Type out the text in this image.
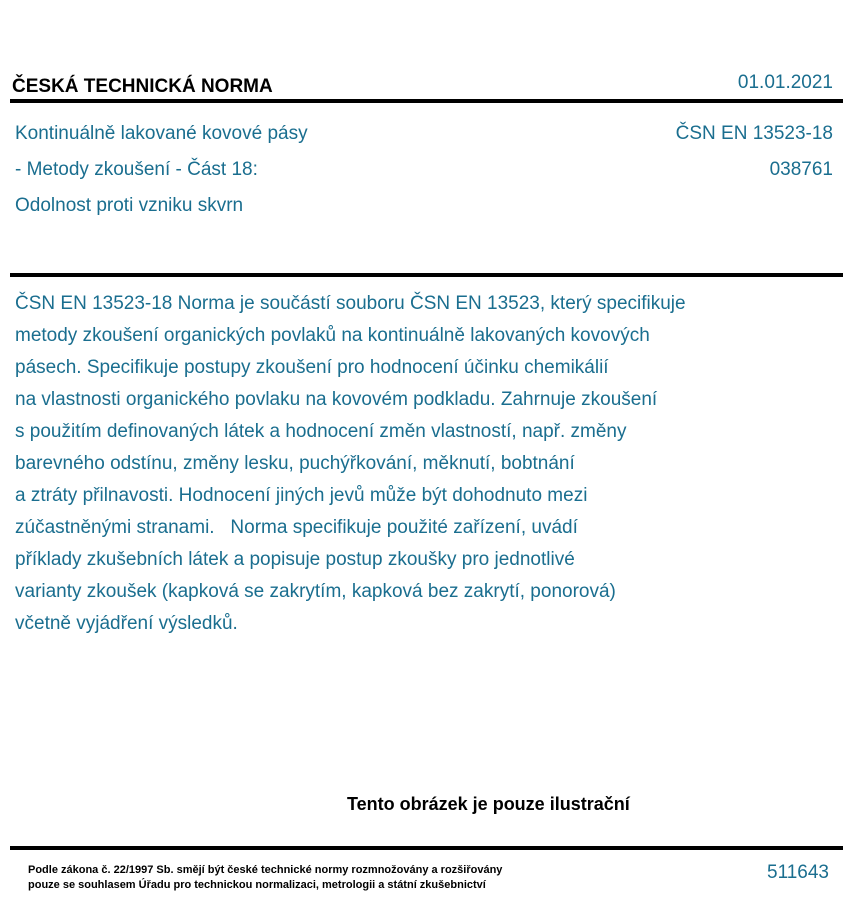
ČESKÁ TECHNICKÁ NORMA	01.01.2021
Kontinuálně lakované kovové pásy
- Metody zkoušení - Část 18:
Odolnost proti vzniku skvrn
ČSN EN 13523-18
038761
ČSN EN 13523-18 Norma je součástí souboru ČSN EN 13523, který specifikuje
metody zkoušení organických povlaků na kontinuálně lakovaných kovových
pásech. Specifikuje postupy zkoušení pro hodnocení účinku chemikálií
na vlastnosti organického povlaku na kovovém podkladu. Zahrnuje zkoušení
s použitím definovaných látek a hodnocení změn vlastností, např. změny
barevného odstínu, změny lesku, puchýřkování, měknutí, bobtnání
a ztráty přilnavosti. Hodnocení jiných jevů může být dohodnuto mezi
zúčastněnými stranami.   Norma specifikuje použité zařízení, uvádí
příklady zkušebních látek a popisuje postup zkoušky pro jednotlivé
varianty zkoušek (kapková se zakrytím, kapková bez zakrytí, ponorová)
včetně vyjádření výsledků.
Tento obrázek je pouze ilustrační
Podle zákona č. 22/1997 Sb. smějí být české technické normy rozmnožovány a rozšiřovány
pouze se souhlasem Úřadu pro technickou normalizaci, metrologii a státní zkušebnictví
511643
